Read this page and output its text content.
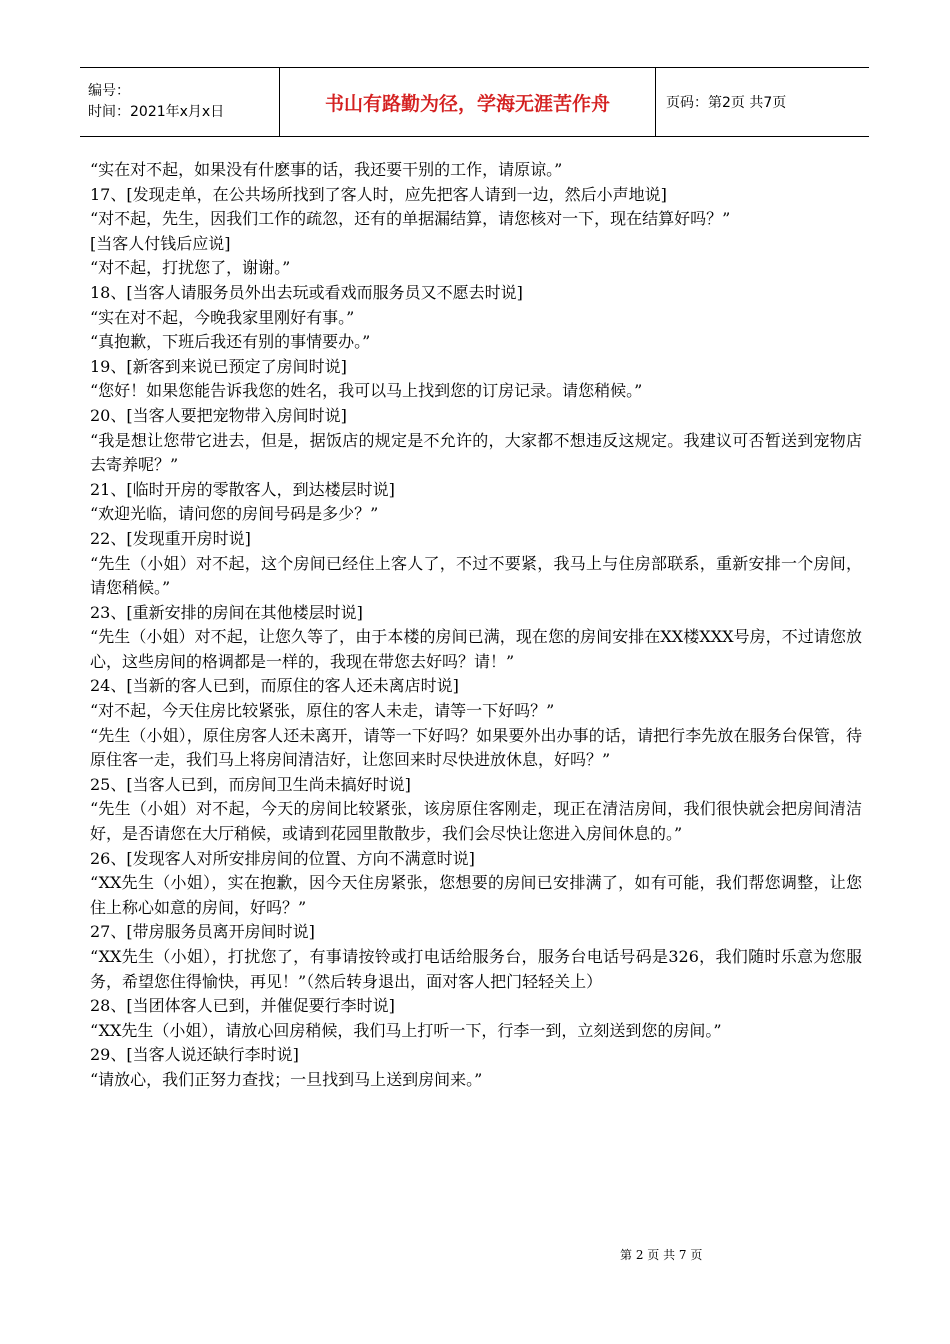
编号：
时间：2021年x月x日	书山有路勤为径，学海无涯苦作舟	页码：第2页 共7页

“实在对不起，如果没有什麽事的话，我还要干别的工作，请原谅。”

17、[发现走单，在公共场所找到了客人时，应先把客人请到一边，然后小声地说]

“对不起，先生，因我们工作的疏忽，还有的单据漏结算，请您核对一下，现在结算好吗？”

[当客人付钱后应说]

“对不起，打扰您了，谢谢。”

18、[当客人请服务员外出去玩或看戏而服务员又不愿去时说]

“实在对不起，今晚我家里刚好有事。”

“真抱歉，下班后我还有别的事情要办。”

19、[新客到来说已预定了房间时说]

“您好！如果您能告诉我您的姓名，我可以马上找到您的订房记录。请您稍候。”

20、[当客人要把宠物带入房间时说]

“我是想让您带它进去，但是，据饭店的规定是不允许的，大家都不想违反这规定。我建议可否暂送到宠物店去寄养呢？”

21、[临时开房的零散客人，到达楼层时说]

“欢迎光临，请问您的房间号码是多少？”

22、[发现重开房时说]

“先生（小姐）对不起，这个房间已经住上客人了，不过不要紧，我马上与住房部联系，重新安排一个房间，请您稍候。”

23、[重新安排的房间在其他楼层时说]

“先生（小姐）对不起，让您久等了，由于本楼的房间已满，现在您的房间安排在XX楼XXX号房，不过请您放心，这些房间的格调都是一样的，我现在带您去好吗？请！”

24、[当新的客人已到，而原住的客人还未离店时说]

“对不起，今天住房比较紧张，原住的客人未走，请等一下好吗？”

“先生（小姐），原住房客人还未离开，请等一下好吗？如果要外出办事的话，请把行李先放在服务台保管，待原住客一走，我们马上将房间清洁好，让您回来时尽快进放休息，好吗？”

25、[当客人已到，而房间卫生尚未搞好时说]

“先生（小姐）对不起，今天的房间比较紧张，该房原住客刚走，现正在清洁房间，我们很快就会把房间清洁好，是否请您在大厅稍候，或请到花园里散散步，我们会尽快让您进入房间休息的。”

26、[发现客人对所安排房间的位置、方向不满意时说]

“XX先生（小姐），实在抱歉，因今天住房紧张，您想要的房间已安排满了，如有可能，我们帮您调整，让您住上称心如意的房间，好吗？”

27、[带房服务员离开房间时说]

“XX先生（小姐），打扰您了，有事请按铃或打电话给服务台，服务台电话号码是326，我们随时乐意为您服务，希望您住得愉快，再见！”（然后转身退出，面对客人把门轻轻关上）

28、[当团体客人已到，并催促要行李时说]

“XX先生（小姐），请放心回房稍候，我们马上打听一下，行李一到，立刻送到您的房间。”

29、[当客人说还缺行李时说]

“请放心，我们正努力查找；一旦找到马上送到房间来。”

第 2 页 共 7 页
